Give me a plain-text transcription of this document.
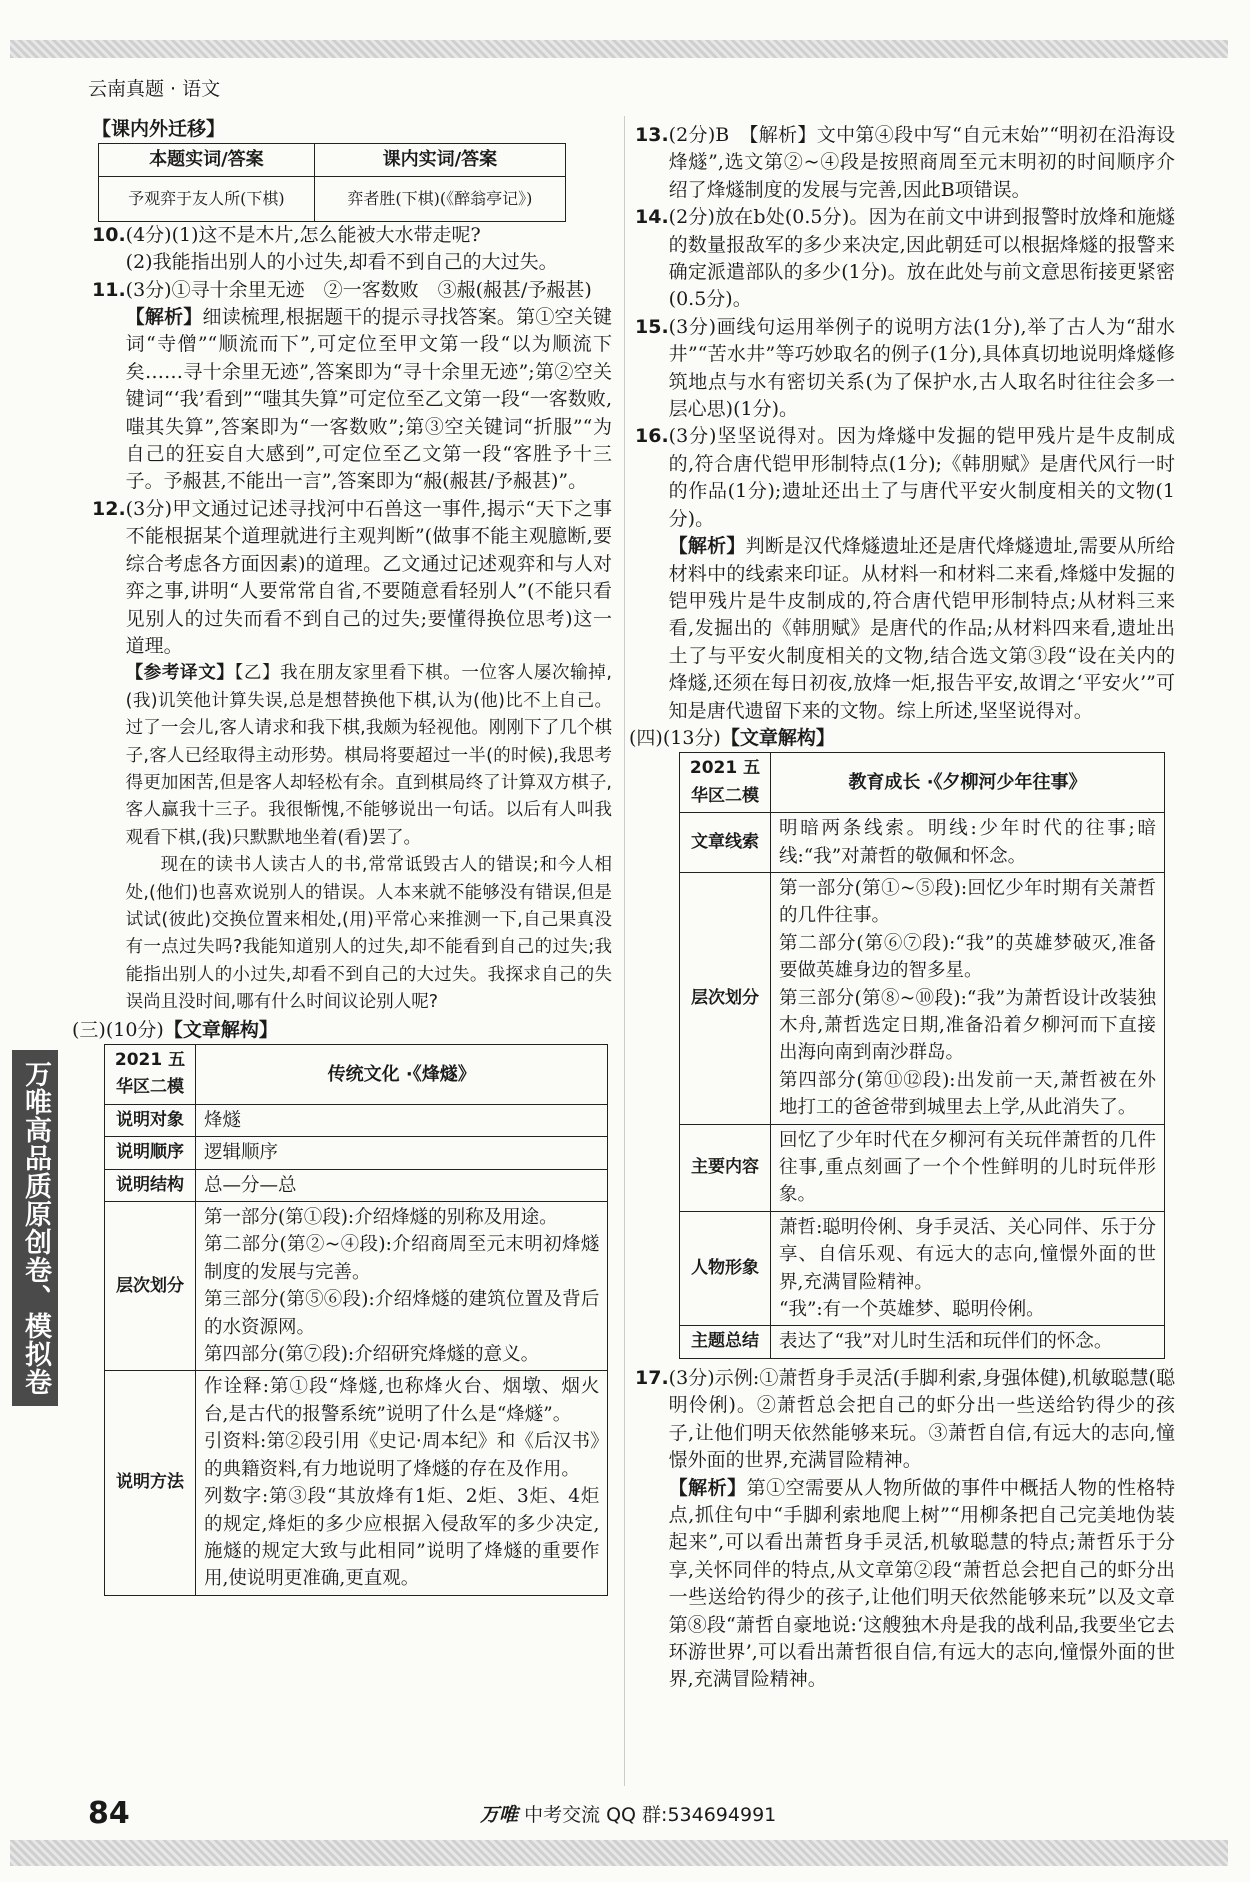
云南真题 · 语文
万唯高品质原创卷、模拟卷
【课内外迁移】
本题实词/答案	课内实词/答案
予观弈于友人所(下棋)	弈者胜(下棋)(《醉翁亭记》)
10. (4分)(1)这不是木片,怎么能被大水带走呢?
(2)我能指出别人的小过失,却看不到自己的大过失。
11. (3分)①寻十余里无迹　②一客数败　③赧(赧甚/予赧甚)
【解析】细读梳理,根据题干的提示寻找答案。第①空关键词“寺僧”“顺流而下”,可定位至甲文第一段“以为顺流下矣……寻十余里无迹”,答案即为“寻十余里无迹”;第②空关键词“‘我’看到”“嗤其失算”可定位至乙文第一段“一客数败,嗤其失算”,答案即为“一客数败”;第③空关键词“折服”“为自己的狂妄自大感到”,可定位至乙文第一段“客胜予十三子。予赧甚,不能出一言”,答案即为“赧(赧甚/予赧甚)”。
12. (3分)甲文通过记述寻找河中石兽这一事件,揭示“天下之事不能根据某个道理就进行主观判断”(做事不能主观臆断,要综合考虑各方面因素)的道理。乙文通过记述观弈和与人对弈之事,讲明“人要常常自省,不要随意看轻别人”(不能只看见别人的过失而看不到自己的过失;要懂得换位思考)这一道理。
【参考译文】【乙】我在朋友家里看下棋。一位客人屡次输掉,(我)讥笑他计算失误,总是想替换他下棋,认为(他)比不上自己。过了一会儿,客人请求和我下棋,我颇为轻视他。刚刚下了几个棋子,客人已经取得主动形势。棋局将要超过一半(的时候),我思考得更加困苦,但是客人却轻松有余。直到棋局终了计算双方棋子,客人赢我十三子。我很惭愧,不能够说出一句话。以后有人叫我观看下棋,(我)只默默地坐着(看)罢了。
现在的读书人读古人的书,常常诋毁古人的错误;和今人相处,(他们)也喜欢说别人的错误。人本来就不能够没有错误,但是试试(彼此)交换位置来相处,(用)平常心来推测一下,自己果真没有一点过失吗?我能知道别人的过失,却不能看到自己的过失;我能指出别人的小过失,却看不到自己的大过失。我探求自己的失误尚且没时间,哪有什么时间议论别人呢?
(三)(10分)【文章解构】
2021 五华区二模	传统文化 ·《烽燧》
说明对象	烽燧
说明顺序	逻辑顺序
说明结构	总—分—总
层次划分	第一部分(第①段):介绍烽燧的别称及用途。
第二部分(第②~④段):介绍商周至元末明初烽燧制度的发展与完善。
第三部分(第⑤⑥段):介绍烽燧的建筑位置及背后的水资源网。
第四部分(第⑦段):介绍研究烽燧的意义。
说明方法	作诠释:第①段“烽燧,也称烽火台、烟墩、烟火台,是古代的报警系统”说明了什么是“烽燧”。
引资料:第②段引用《史记·周本纪》和《后汉书》的典籍资料,有力地说明了烽燧的存在及作用。
列数字:第③段“其放烽有1炬、2炬、3炬、4炬的规定,烽炬的多少应根据入侵敌军的多少决定,施燧的规定大致与此相同”说明了烽燧的重要作用,使说明更准确,更直观。
13. (2分)B　【解析】文中第④段中写“自元末始”“明初在沿海设烽燧”,选文第②~④段是按照商周至元末明初的时间顺序介绍了烽燧制度的发展与完善,因此B项错误。
14. (2分)放在b处(0.5分)。因为在前文中讲到报警时放烽和施燧的数量报敌军的多少来决定,因此朝廷可以根据烽燧的报警来确定派遣部队的多少(1分)。放在此处与前文意思衔接更紧密(0.5分)。
15. (3分)画线句运用举例子的说明方法(1分),举了古人为“甜水井”“苦水井”等巧妙取名的例子(1分),具体真切地说明烽燧修筑地点与水有密切关系(为了保护水,古人取名时往往会多一层心思)(1分)。
16. (3分)坚坚说得对。因为烽燧中发掘的铠甲残片是牛皮制成的,符合唐代铠甲形制特点(1分);《韩朋赋》是唐代风行一时的作品(1分);遗址还出土了与唐代平安火制度相关的文物(1分)。
【解析】判断是汉代烽燧遗址还是唐代烽燧遗址,需要从所给材料中的线索来印证。从材料一和材料二来看,烽燧中发掘的铠甲残片是牛皮制成的,符合唐代铠甲形制特点;从材料三来看,发掘出的《韩朋赋》是唐代的作品;从材料四来看,遗址出土了与平安火制度相关的文物,结合选文第③段“设在关内的烽燧,还须在每日初夜,放烽一炬,报告平安,故谓之‘平安火’”可知是唐代遗留下来的文物。综上所述,坚坚说得对。
(四)(13分)【文章解构】
2021 五华区二模	教育成长 ·《夕柳河少年往事》
文章线索	明暗两条线索。明线:少年时代的往事;暗线:“我”对萧哲的敬佩和怀念。
层次划分	第一部分(第①~⑤段):回忆少年时期有关萧哲的几件往事。
第二部分(第⑥⑦段):“我”的英雄梦破灭,准备要做英雄身边的智多星。
第三部分(第⑧~⑩段):“我”为萧哲设计改装独木舟,萧哲选定日期,准备沿着夕柳河而下直接出海向南到南沙群岛。
第四部分(第⑪⑫段):出发前一天,萧哲被在外地打工的爸爸带到城里去上学,从此消失了。
主要内容	回忆了少年时代在夕柳河有关玩伴萧哲的几件往事,重点刻画了一个个性鲜明的儿时玩伴形象。
人物形象	萧哲:聪明伶俐、身手灵活、关心同伴、乐于分享、自信乐观、有远大的志向,憧憬外面的世界,充满冒险精神。
“我”:有一个英雄梦、聪明伶俐。
主题总结	表达了“我”对儿时生活和玩伴们的怀念。
17. (3分)示例:①萧哲身手灵活(手脚利索,身强体健),机敏聪慧(聪明伶俐)。②萧哲总会把自己的虾分出一些送给钓得少的孩子,让他们明天依然能够来玩。③萧哲自信,有远大的志向,憧憬外面的世界,充满冒险精神。
【解析】第①空需要从人物所做的事件中概括人物的性格特点,抓住句中“手脚利索地爬上树”“用柳条把自己完美地伪装起来”,可以看出萧哲身手灵活,机敏聪慧的特点;萧哲乐于分享,关怀同伴的特点,从文章第②段“萧哲总会把自己的虾分出一些送给钓得少的孩子,让他们明天依然能够来玩”以及文章第⑧段“萧哲自豪地说:‘这艘独木舟是我的战利品,我要坐它去环游世界’,可以看出萧哲很自信,有远大的志向,憧憬外面的世界,充满冒险精神。
84	万唯 中考交流 QQ 群:534694991
